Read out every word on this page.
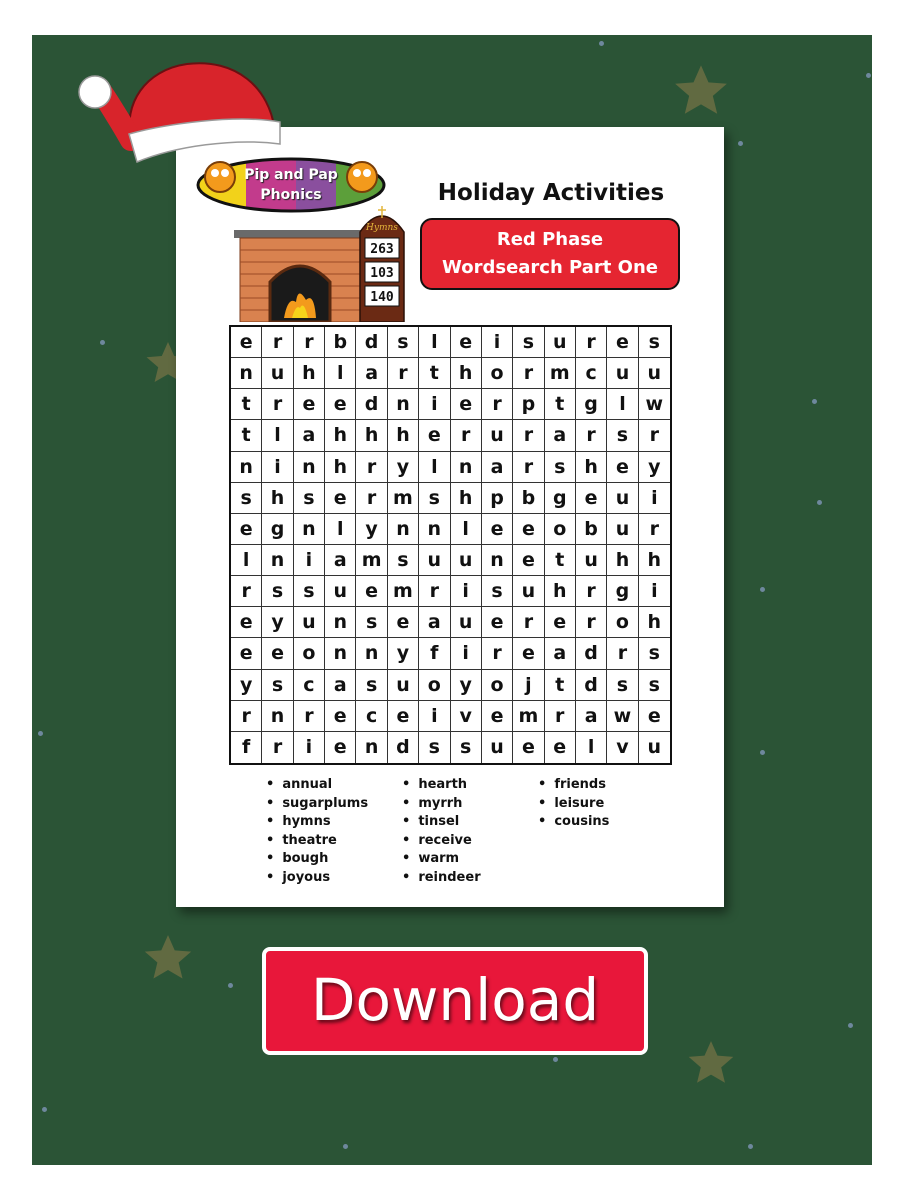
Pip and Pap
Phonics	Holiday Activities
Red Phase
Wordsearch Part One
Hymns
263
103
140
e	r	r	b d s	l	e	i	s u	r	e	s
n u h	l	a	r	t	h o	r m c u u
t	r	e e d n	i	e	r	p	t	g	l	w
t	l	a h h h e	r	u	r	a	r	s	r
n	i	n h	r	y	l	n a	r	s h e	y
s h s	e	r m s h p b g e u	i
e g n	l	y n n	l	e e o b u	r
l	n	i	a m s u u n e	t	u h h
r	s	s u e m r	i	s u h	r	g	i
e y u n s	e a u e	r	e	r	o h
e e o n n y	f	i	r	e a d	r	s
y	s	c	a	s u o y o	j	t	d s	s
r	n	r	e	c	e	i	v e m r	a w e
f	r	i	e n d s	s u e e	l	v u
• annual
• sugarplums
• hymns
• theatre
• bough
• joyous
• hearth
• myrrh
• tinsel
• receive
• warm
• reindeer
• friends
• leisure
• cousins
Download
